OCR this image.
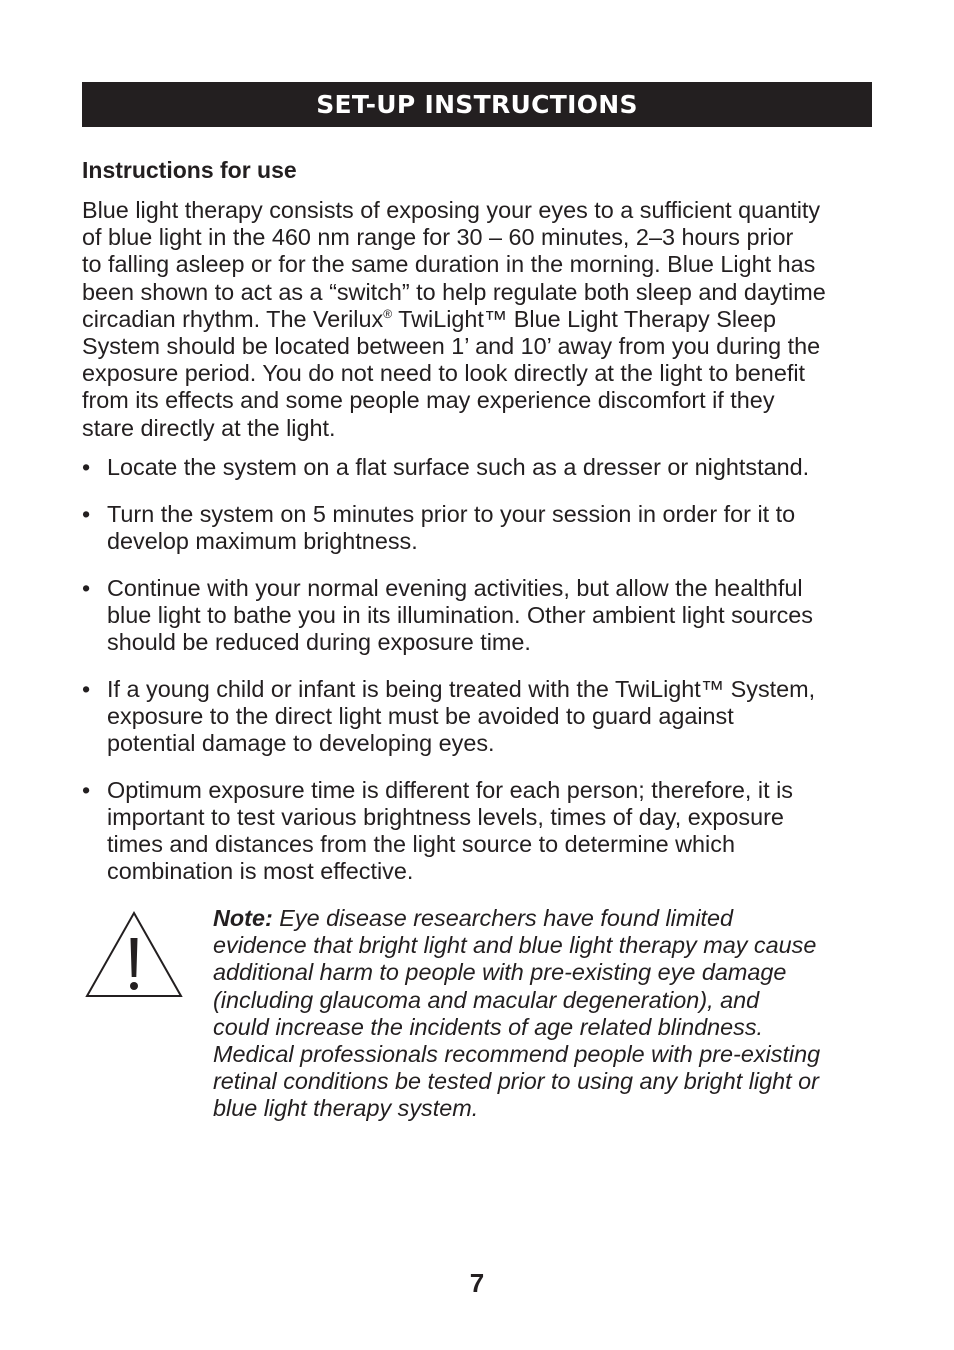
SET-UP INSTRUCTIONS
Instructions for use
Blue light therapy consists of exposing your eyes to a sufficient quantity
of blue light in the 460 nm range for 30 – 60 minutes, 2–3 hours prior
to falling asleep or for the same duration in the morning. Blue Light has
been shown to act as a “switch” to help regulate both sleep and daytime
circadian rhythm. The Verilux® TwiLight™ Blue Light Therapy Sleep
System should be located between 1’ and 10’ away from you during the
exposure period. You do not need to look directly at the light to benefit
from its effects and some people may experience discomfort if they
stare directly at the light.
• Locate the system on a flat surface such as a dresser or nightstand.
• Turn the system on 5 minutes prior to your session in order for it to
develop maximum brightness.
• Continue with your normal evening activities, but allow the healthful
blue light to bathe you in its illumination. Other ambient light sources
should be reduced during exposure time.
• If a young child or infant is being treated with the TwiLight™ System,
exposure to the direct light must be avoided to guard against
potential damage to developing eyes.
• Optimum exposure time is different for each person; therefore, it is
important to test various brightness levels, times of day, exposure
times and distances from the light source to determine which
combination is most effective.
Note: Eye disease researchers have found limited
evidence that bright light and blue light therapy may cause
additional harm to people with pre-existing eye damage
(including glaucoma and macular degeneration), and
could increase the incidents of age related blindness.
Medical professionals recommend people with pre-existing
retinal conditions be tested prior to using any bright light or
blue light therapy system.
7
